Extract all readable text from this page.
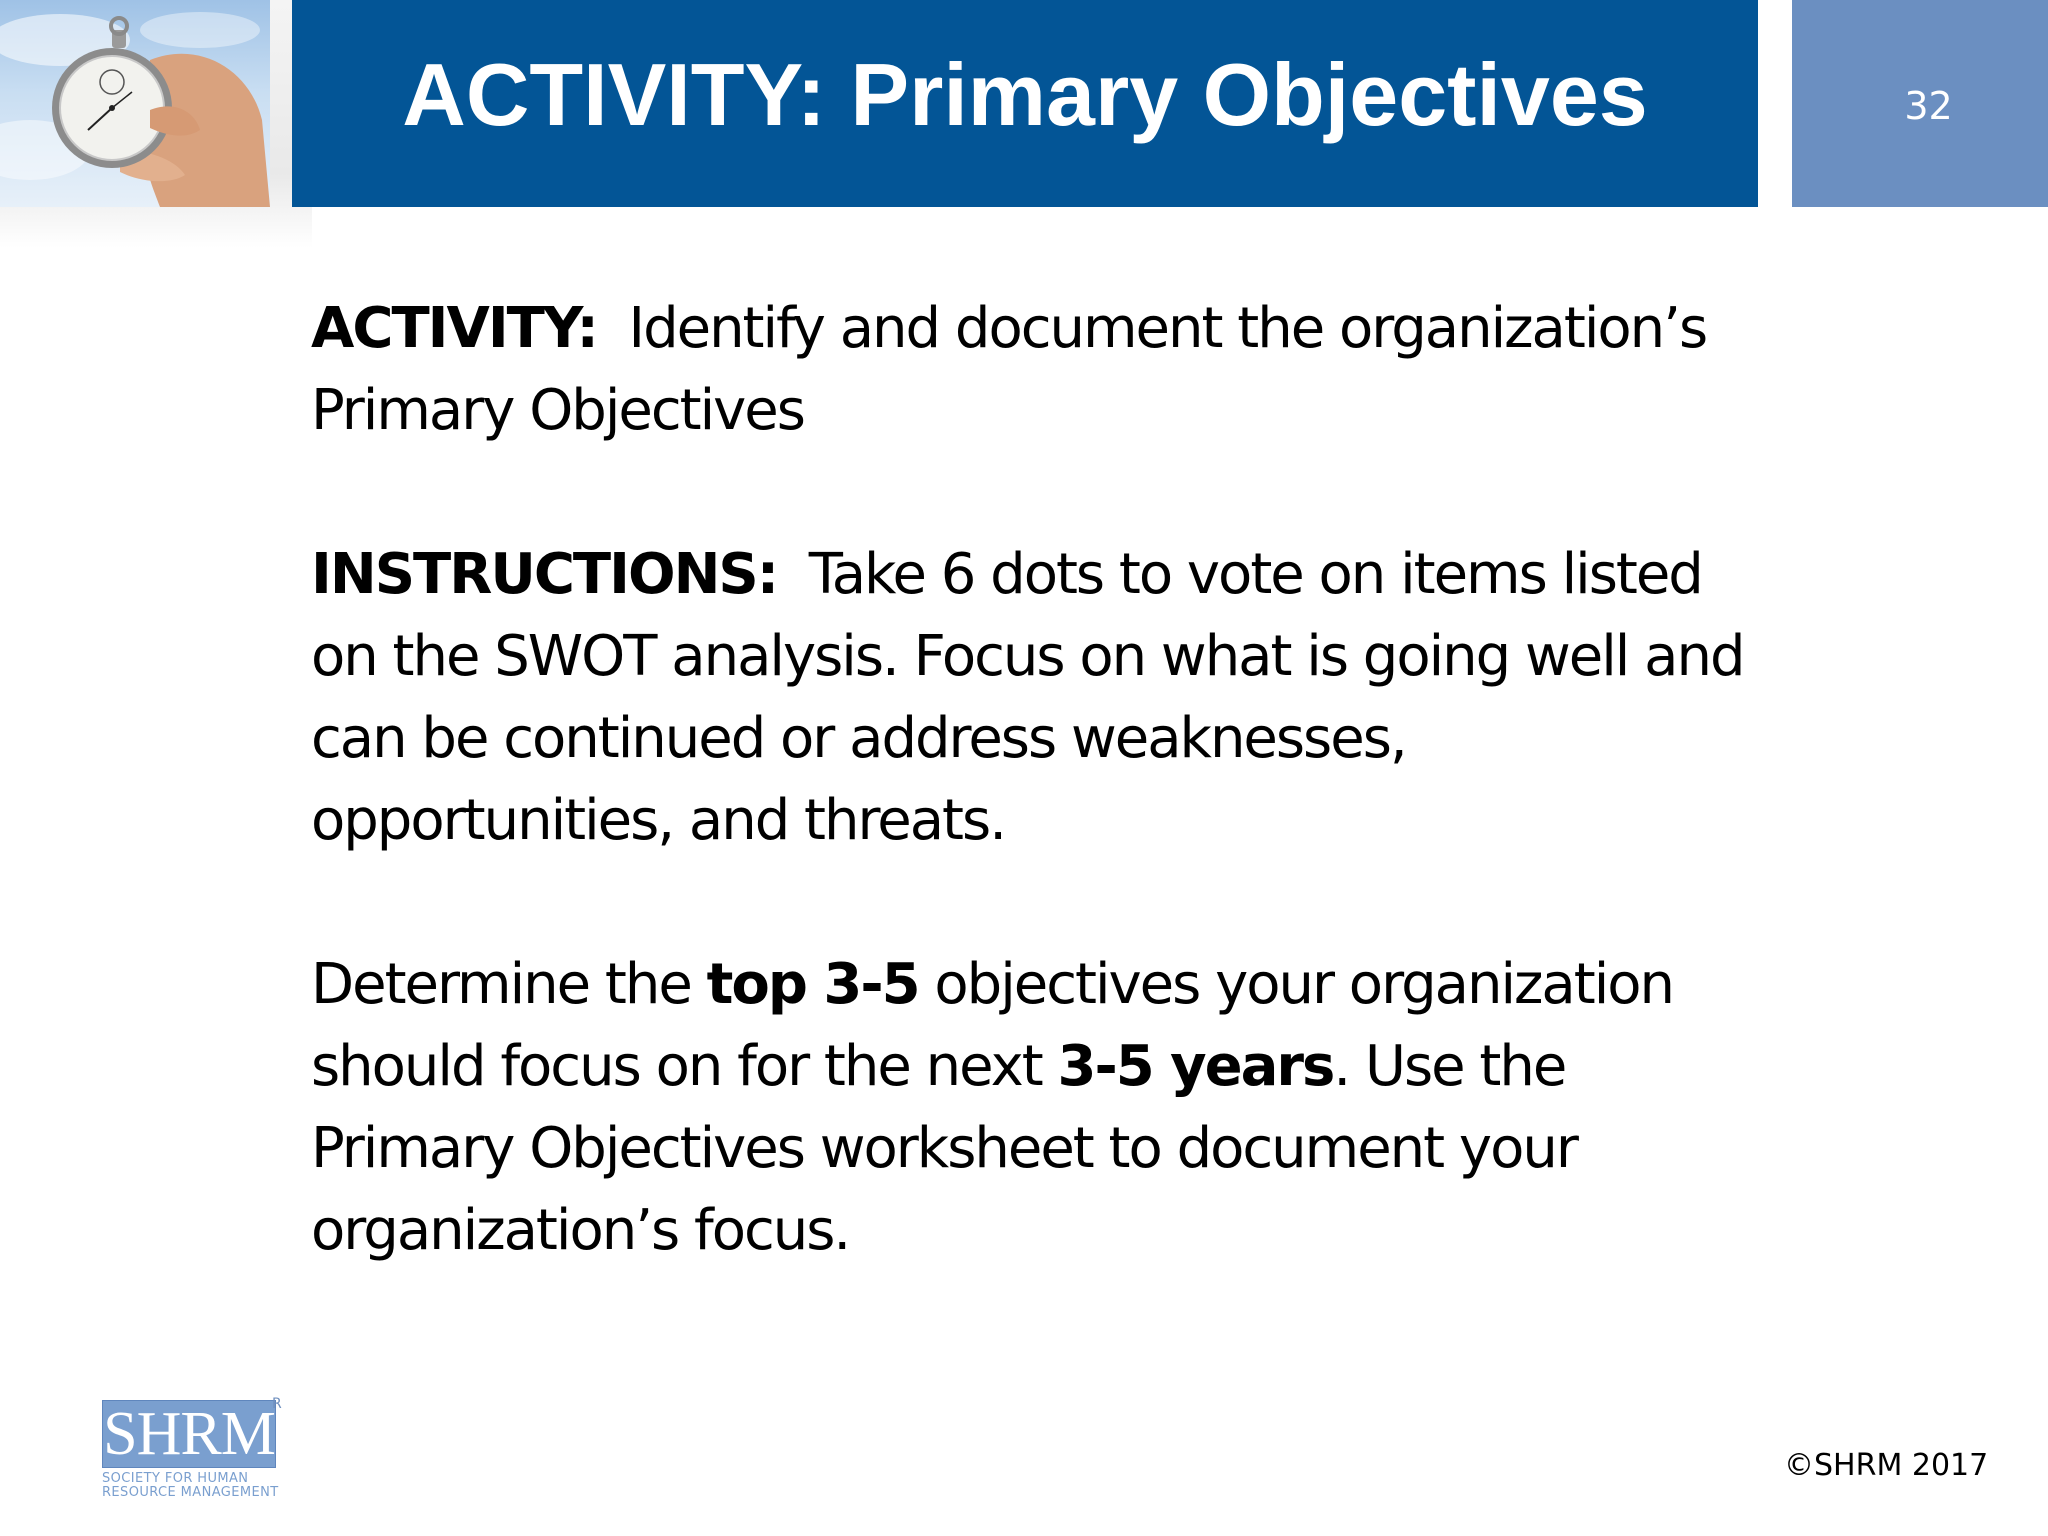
ACTIVITY: Primary Objectives	32

ACTIVITY: Identify and document the organization’s Primary Objectives

INSTRUCTIONS: Take 6 dots to vote on items listed on the SWOT analysis. Focus on what is going well and can be continued or address weaknesses, opportunities, and threats.

Determine the top 3-5 objectives your organization should focus on for the next 3-5 years. Use the Primary Objectives worksheet to document your organization’s focus.

SHRM
R
SOCIETY FOR HUMAN
RESOURCE MANAGEMENT
©SHRM 2017
